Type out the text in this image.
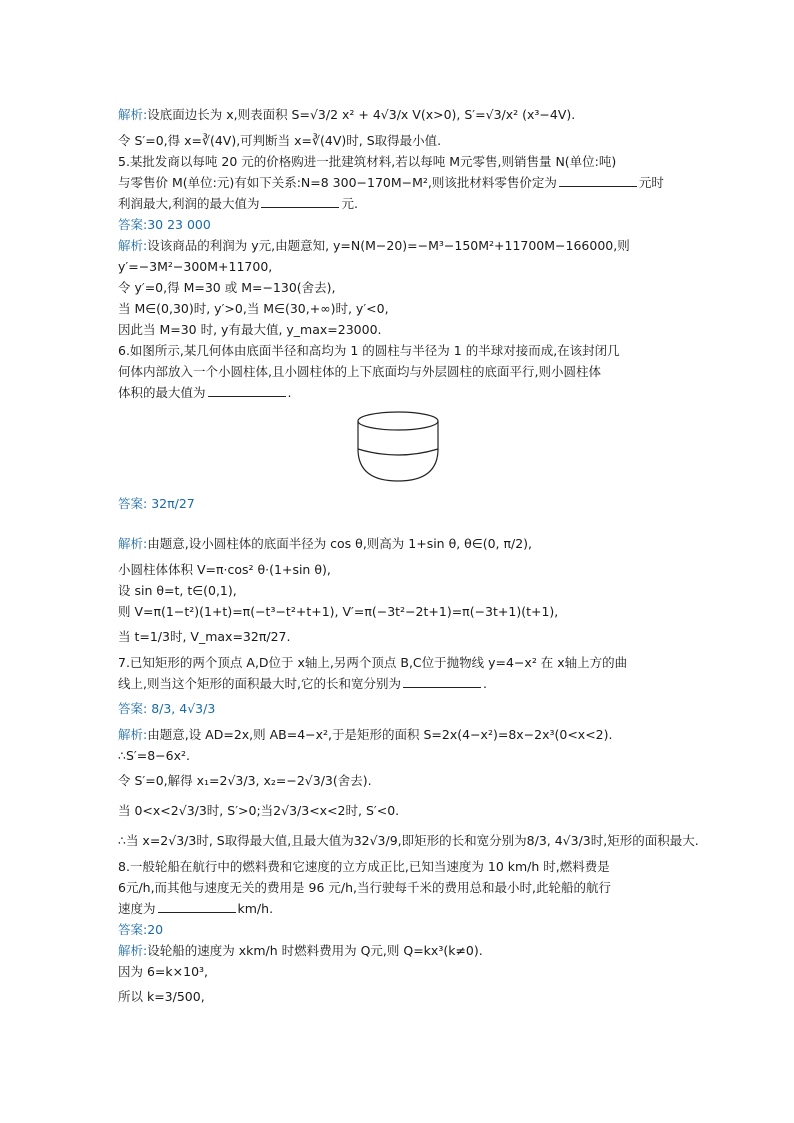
解析:设底面边长为 x,则表面积 S=√3/2 x² + 4√3/x V(x>0), S′=√3/x² (x³−4V).
令 S′=0,得 x=∛(4V),可判断当 x=∛(4V)时, S取得最小值.
5.某批发商以每吨 20 元的价格购进一批建筑材料,若以每吨 M元零售,则销售量 N(单位:吨)
与零售价 M(单位:元)有如下关系:N=8 300−170M−M²,则该批材料零售价定为	元时
利润最大,利润的最大值为	元.
答案:30 23 000
解析:设该商品的利润为 y元,由题意知, y=N(M−20)=−M³−150M²+11700M−166000,则
y′=−3M²−300M+11700,
令 y′=0,得 M=30 或 M=−130(舍去),
当 M∈(0,30)时, y′>0,当 M∈(30,+∞)时, y′<0,
因此当 M=30 时, y有最大值, y_max=23000.
6.如图所示,某几何体由底面半径和高均为 1 的圆柱与半径为 1 的半球对接而成,在该封闭几
何体内部放入一个小圆柱体,且小圆柱体的上下底面均与外层圆柱的底面平行,则小圆柱体
体积的最大值为	.
答案: 32π/27
解析:由题意,设小圆柱体的底面半径为 cos θ,则高为 1+sin θ, θ∈(0, π/2),
小圆柱体体积 V=π·cos² θ·(1+sin θ),
设 sin θ=t, t∈(0,1),
则 V=π(1−t²)(1+t)=π(−t³−t²+t+1), V′=π(−3t²−2t+1)=π(−3t+1)(t+1),
当 t=1/3时, V_max=32π/27.
7.已知矩形的两个顶点 A,D位于 x轴上,另两个顶点 B,C位于抛物线 y=4−x² 在 x轴上方的曲
线上,则当这个矩形的面积最大时,它的长和宽分别为	.
答案: 8/3, 4√3/3
解析:由题意,设 AD=2x,则 AB=4−x²,于是矩形的面积 S=2x(4−x²)=8x−2x³(0<x<2).
∴S′=8−6x².
令 S′=0,解得 x₁=2√3/3, x₂=−2√3/3(舍去).
当 0<x<2√3/3时, S′>0;当2√3/3<x<2时, S′<0.
∴当 x=2√3/3时, S取得最大值,且最大值为32√3/9,即矩形的长和宽分别为8/3, 4√3/3时,矩形的面积最大.
8.一般轮船在航行中的燃料费和它速度的立方成正比,已知当速度为 10 km/h 时,燃料费是
6元/h,而其他与速度无关的费用是 96 元/h,当行驶每千米的费用总和最小时,此轮船的航行
速度为	km/h.
答案:20
解析:设轮船的速度为 xkm/h 时燃料费用为 Q元,则 Q=kx³(k≠0).
因为 6=k×10³,
所以 k=3/500,
